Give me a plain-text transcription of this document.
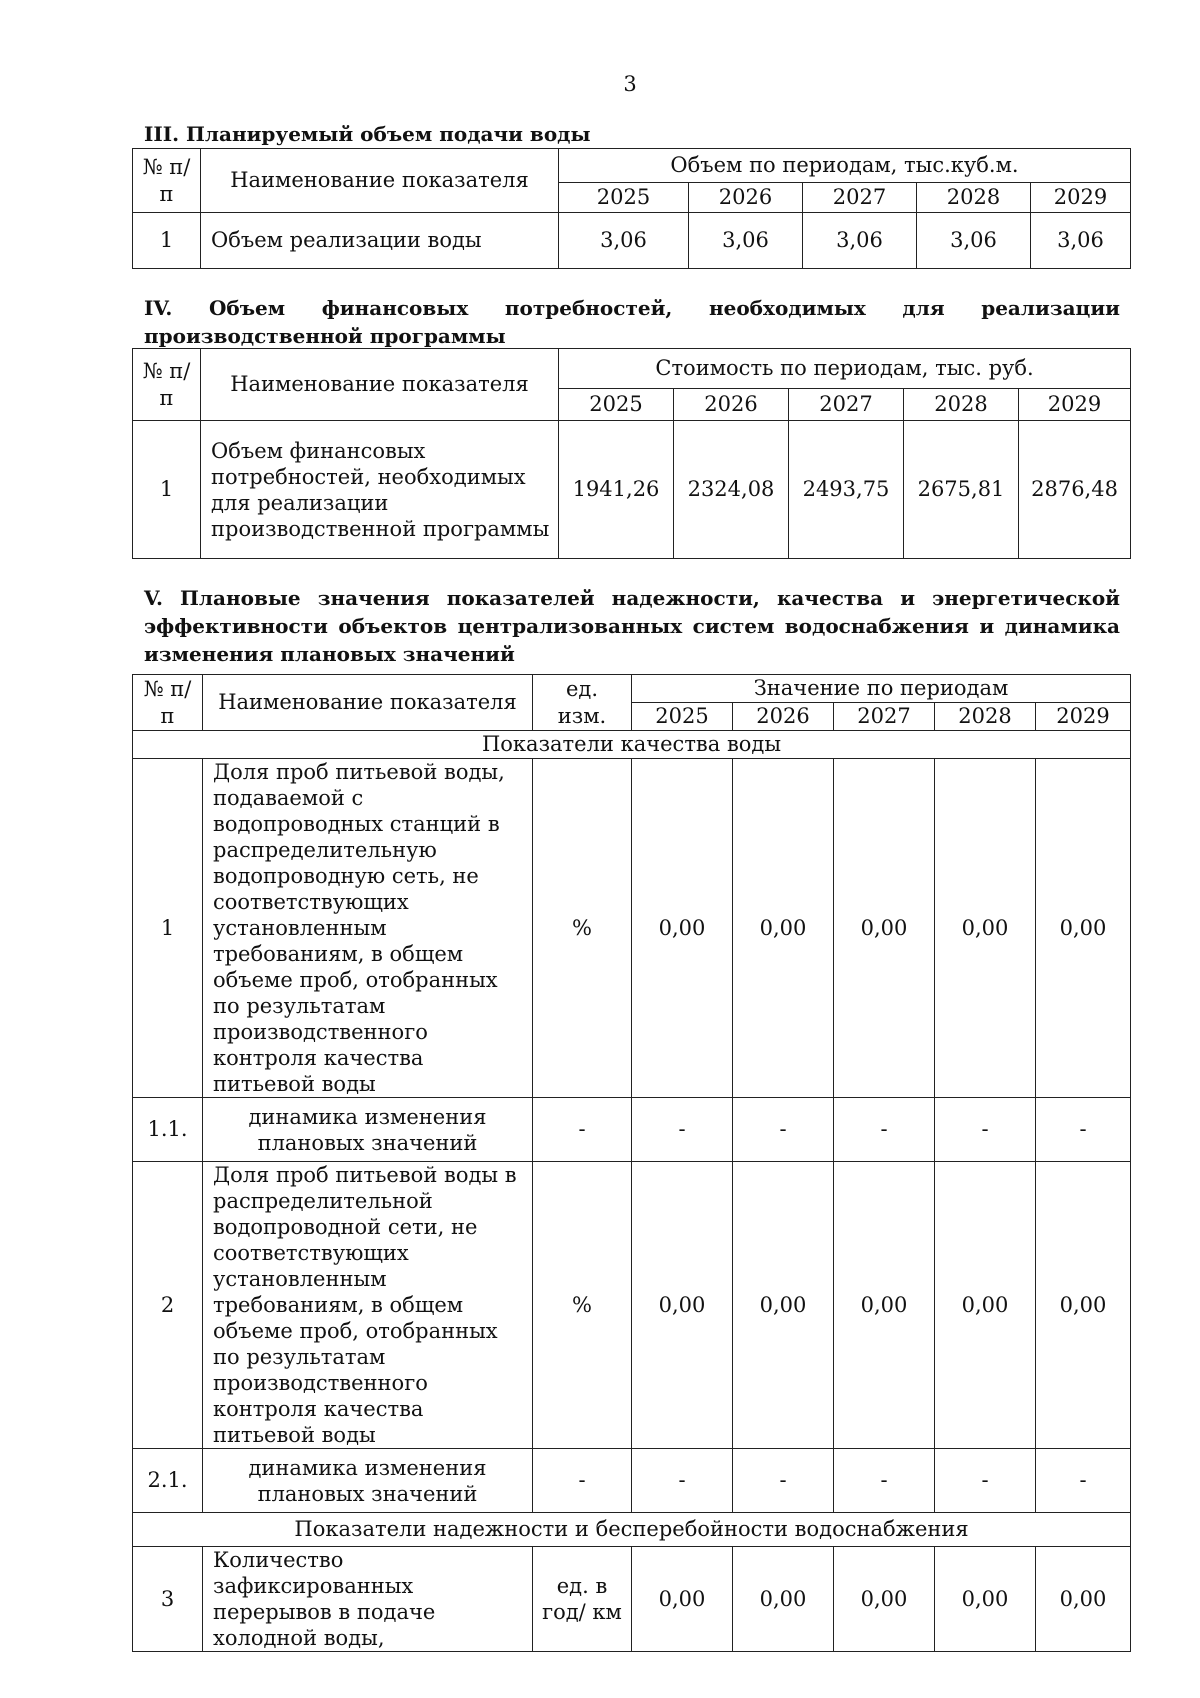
3
III. Планируемый объем подачи воды
№ п/п	Наименование показателя	Объем по периодам, тыс.куб.м.				
		2025	2026	2027	2028	2029
1	Объем реализации воды	3,06	3,06	3,06	3,06	3,06
IV. Объем финансовых потребностей, необходимых для реализации производственной программы
№ п/п	Наименование показателя	Стоимость по периодам, тыс. руб.				
		2025	2026	2027	2028	2029
1	Объем финансовых потребностей, необходимых для реализации производственной программы	1941,26	2324,08	2493,75	2675,81	2876,48
V. Плановые значения показателей надежности, качества и энергетической эффективности объектов централизованных систем водоснабжения и динамика изменения плановых значений
№ п/п	Наименование показателя	ед. изм.	Значение по периодам				
			2025	2026	2027	2028	2029
Показатели качества воды							
1	Доля проб питьевой воды, подаваемой с водопроводных станций в распределительную водопроводную сеть, не соответствующих установленным требованиям, в общем объеме проб, отобранных по результатам производственного контроля качества питьевой воды	%	0,00	0,00	0,00	0,00	0,00
1.1.	динамика изменения плановых значений	-	-	-	-	-	-
2	Доля проб питьевой воды в распределительной водопроводной сети, не соответствующих установленным требованиям, в общем объеме проб, отобранных по результатам производственного контроля качества питьевой воды	%	0,00	0,00	0,00	0,00	0,00
2.1.	динамика изменения плановых значений	-	-	-	-	-	-
Показатели надежности и бесперебойности водоснабжения							
3	Количество зафиксированных перерывов в подаче холодной воды,	ед. в год/ км	0,00	0,00	0,00	0,00	0,00
